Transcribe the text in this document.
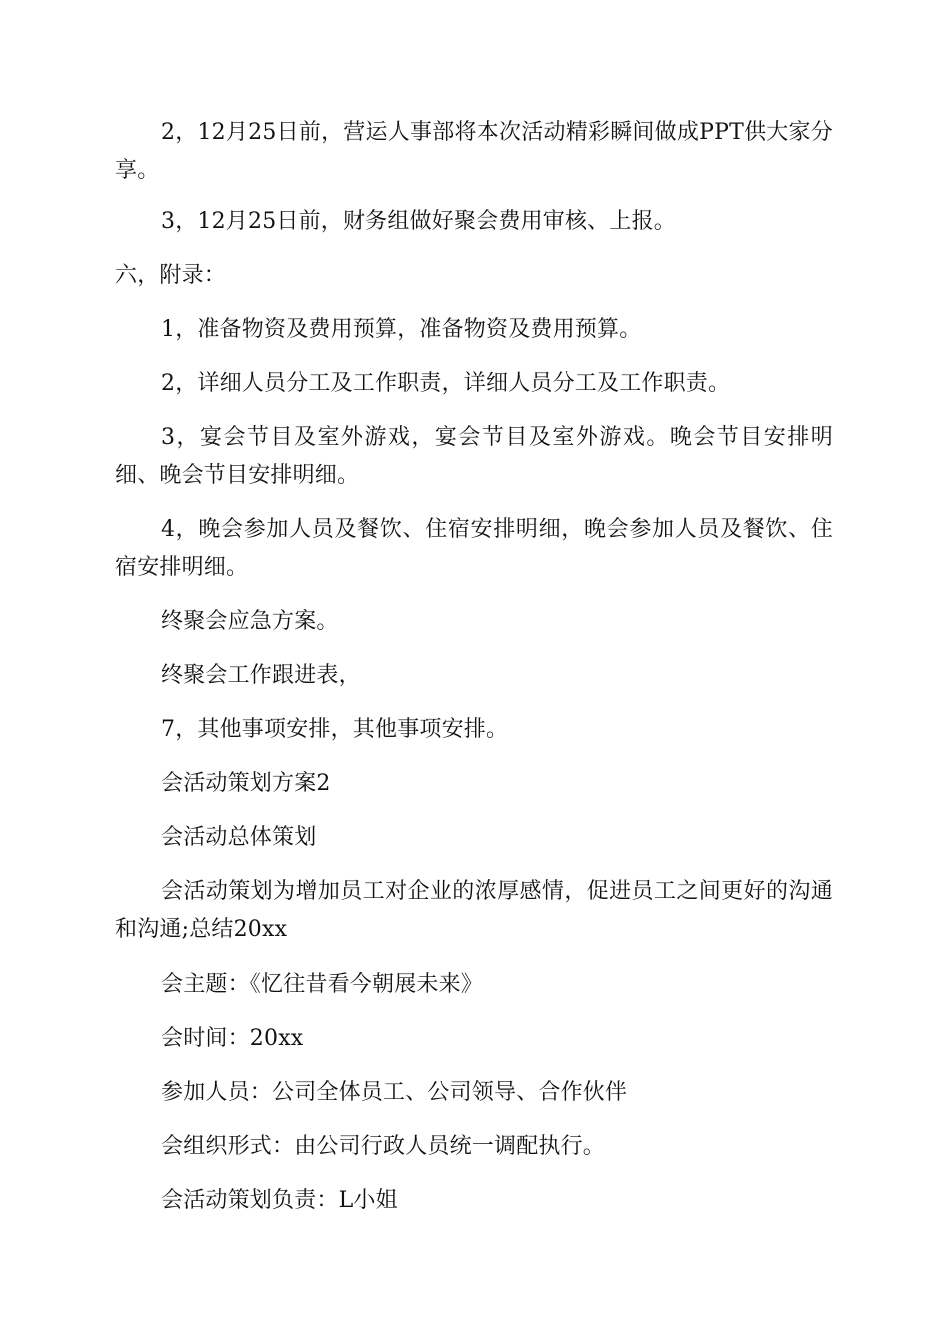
2，12月25日前，营运人事部将本次活动精彩瞬间做成PPT供大家分享。

3，12月25日前，财务组做好聚会费用审核、上报。

六，附录：

1，准备物资及费用预算，准备物资及费用预算。

2，详细人员分工及工作职责，详细人员分工及工作职责。

3，宴会节目及室外游戏，宴会节目及室外游戏。晚会节目安排明细、晚会节目安排明细。

4，晚会参加人员及餐饮、住宿安排明细，晚会参加人员及餐饮、住宿安排明细。

终聚会应急方案。

终聚会工作跟进表，

7，其他事项安排，其他事项安排。

会活动策划方案2

会活动总体策划

会活动策划为增加员工对企业的浓厚感情，促进员工之间更好的沟通和沟通;总结20xx

会主题：《忆往昔看今朝展未来》

会时间：20xx

参加人员：公司全体员工、公司领导、合作伙伴

会组织形式：由公司行政人员统一调配执行。

会活动策划负责：L小姐
